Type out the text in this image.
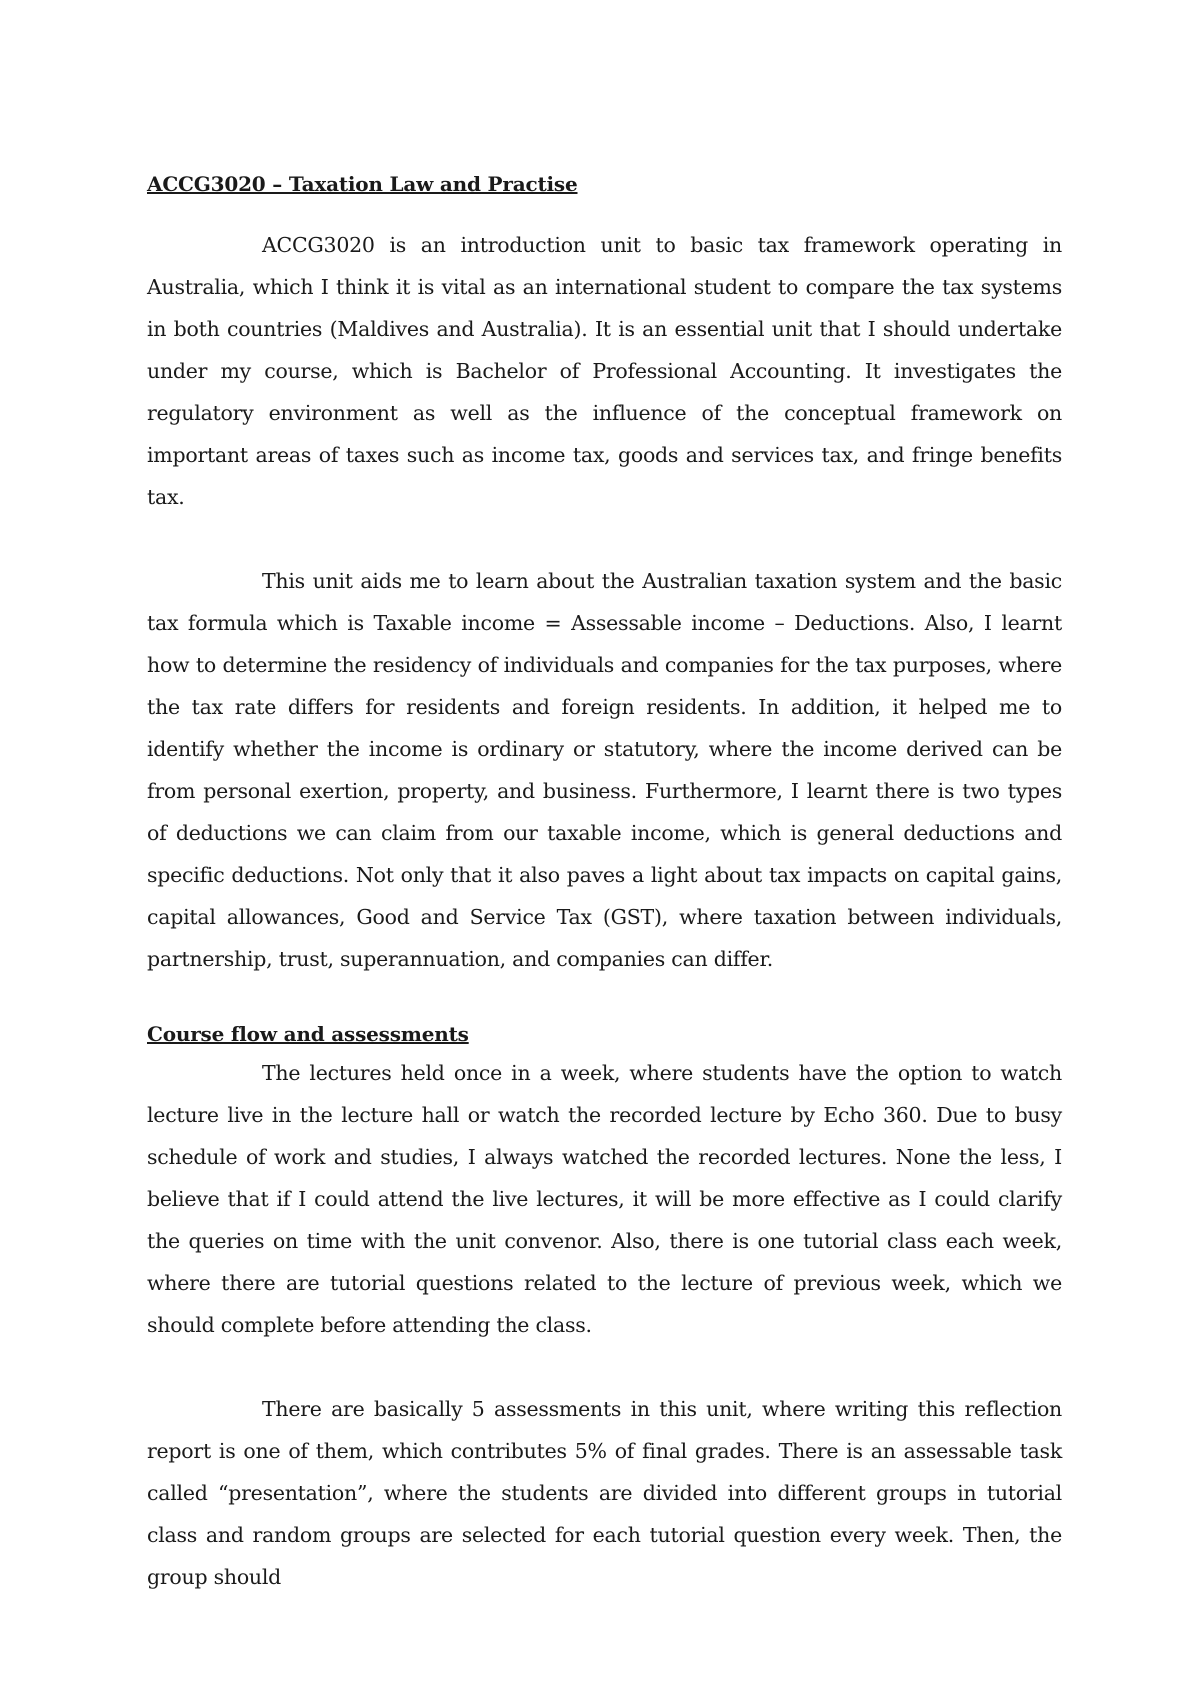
ACCG3020 – Taxation Law and Practise

ACCG3020 is an introduction unit to basic tax framework operating in Australia, which I think it is vital as an international student to compare the tax systems in both countries (Maldives and Australia). It is an essential unit that I should undertake under my course, which is Bachelor of Professional Accounting. It investigates the regulatory environment as well as the influence of the conceptual framework on important areas of taxes such as income tax, goods and services tax, and fringe benefits tax.

This unit aids me to learn about the Australian taxation system and the basic tax formula which is Taxable income = Assessable income – Deductions. Also, I learnt how to determine the residency of individuals and companies for the tax purposes, where the tax rate differs for residents and foreign residents. In addition, it helped me to identify whether the income is ordinary or statutory, where the income derived can be from personal exertion, property, and business. Furthermore, I learnt there is two types of deductions we can claim from our taxable income, which is general deductions and specific deductions. Not only that it also paves a light about tax impacts on capital gains, capital allowances, Good and Service Tax (GST), where taxation between individuals, partnership, trust, superannuation, and companies can differ.

Course flow and assessments

The lectures held once in a week, where students have the option to watch lecture live in the lecture hall or watch the recorded lecture by Echo 360. Due to busy schedule of work and studies, I always watched the recorded lectures. None the less, I believe that if I could attend the live lectures, it will be more effective as I could clarify the queries on time with the unit convenor. Also, there is one tutorial class each week, where there are tutorial questions related to the lecture of previous week, which we should complete before attending the class.

There are basically 5 assessments in this unit, where writing this reflection report is one of them, which contributes 5% of final grades. There is an assessable task called “presentation”, where the students are divided into different groups in tutorial class and random groups are selected for each tutorial question every week. Then, the group should
